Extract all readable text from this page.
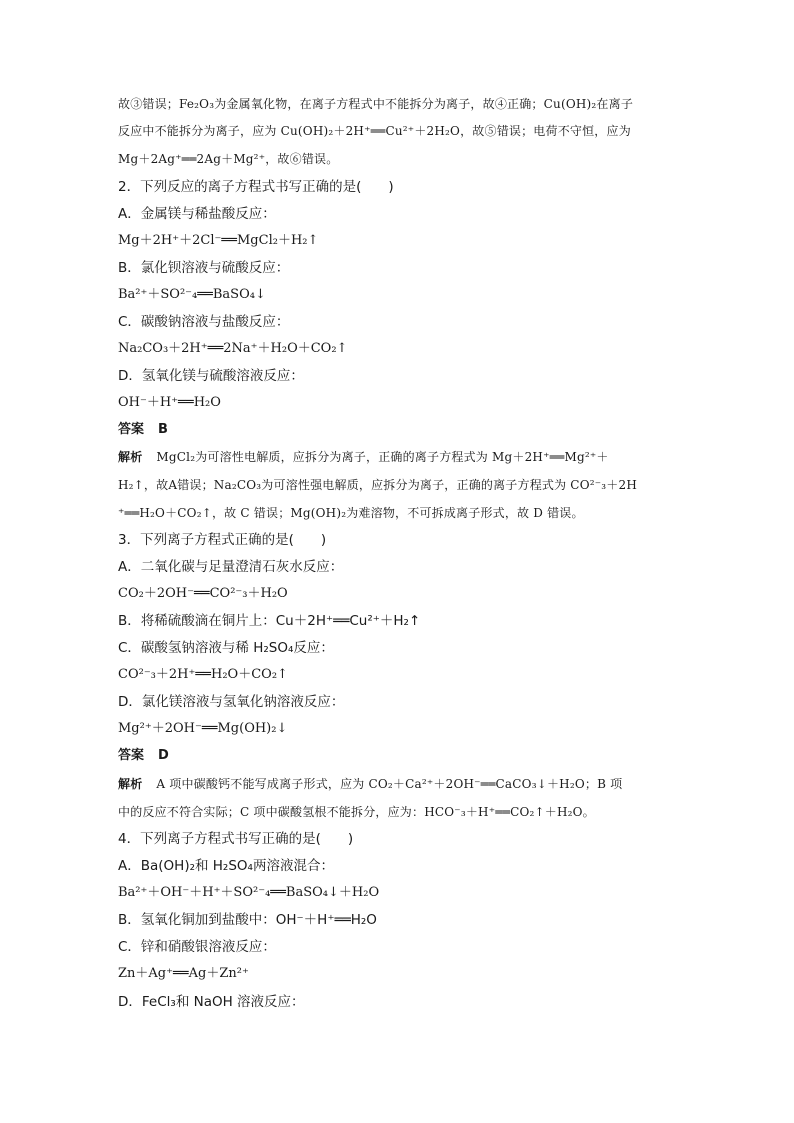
故③错误；Fe₂O₃为金属氧化物，在离子方程式中不能拆分为离子，故④正确；Cu(OH)₂在离子
反应中不能拆分为离子，应为 Cu(OH)₂＋2H⁺══Cu²⁺＋2H₂O，故⑤错误；电荷不守恒，应为
Mg＋2Ag⁺══2Ag＋Mg²⁺，故⑥错误。
2．下列反应的离子方程式书写正确的是(　　)
A．金属镁与稀盐酸反应：
Mg＋2H⁺＋2Cl⁻══MgCl₂＋H₂↑
B．氯化钡溶液与硫酸反应：
Ba²⁺＋SO²⁻₄══BaSO₄↓
C．碳酸钠溶液与盐酸反应：
Na₂CO₃＋2H⁺══2Na⁺＋H₂O＋CO₂↑
D．氢氧化镁与硫酸溶液反应：
OH⁻＋H⁺══H₂O
答案 B
解析 MgCl₂为可溶性电解质，应拆分为离子，正确的离子方程式为 Mg＋2H⁺══Mg²⁺＋
H₂↑，故A错误；Na₂CO₃为可溶性强电解质，应拆分为离子，正确的离子方程式为 CO²⁻₃＋2H
⁺══H₂O＋CO₂↑，故 C 错误；Mg(OH)₂为难溶物，不可拆成离子形式，故 D 错误。
3．下列离子方程式正确的是(　　)
A．二氧化碳与足量澄清石灰水反应：
CO₂＋2OH⁻══CO²⁻₃＋H₂O
B．将稀硫酸滴在铜片上：Cu＋2H⁺══Cu²⁺＋H₂↑
C．碳酸氢钠溶液与稀 H₂SO₄反应：
CO²⁻₃＋2H⁺══H₂O＋CO₂↑
D．氯化镁溶液与氢氧化钠溶液反应：
Mg²⁺＋2OH⁻══Mg(OH)₂↓
答案 D
解析 A 项中碳酸钙不能写成离子形式，应为 CO₂＋Ca²⁺＋2OH⁻══CaCO₃↓＋H₂O；B 项
中的反应不符合实际；C 项中碳酸氢根不能拆分，应为：HCO⁻₃＋H⁺══CO₂↑＋H₂O。
4．下列离子方程式书写正确的是(　　)
A．Ba(OH)₂和 H₂SO₄两溶液混合：
Ba²⁺＋OH⁻＋H⁺＋SO²⁻₄══BaSO₄↓＋H₂O
B．氢氧化铜加到盐酸中：OH⁻＋H⁺══H₂O
C．锌和硝酸银溶液反应：
Zn＋Ag⁺══Ag＋Zn²⁺
D．FeCl₃和 NaOH 溶液反应：
